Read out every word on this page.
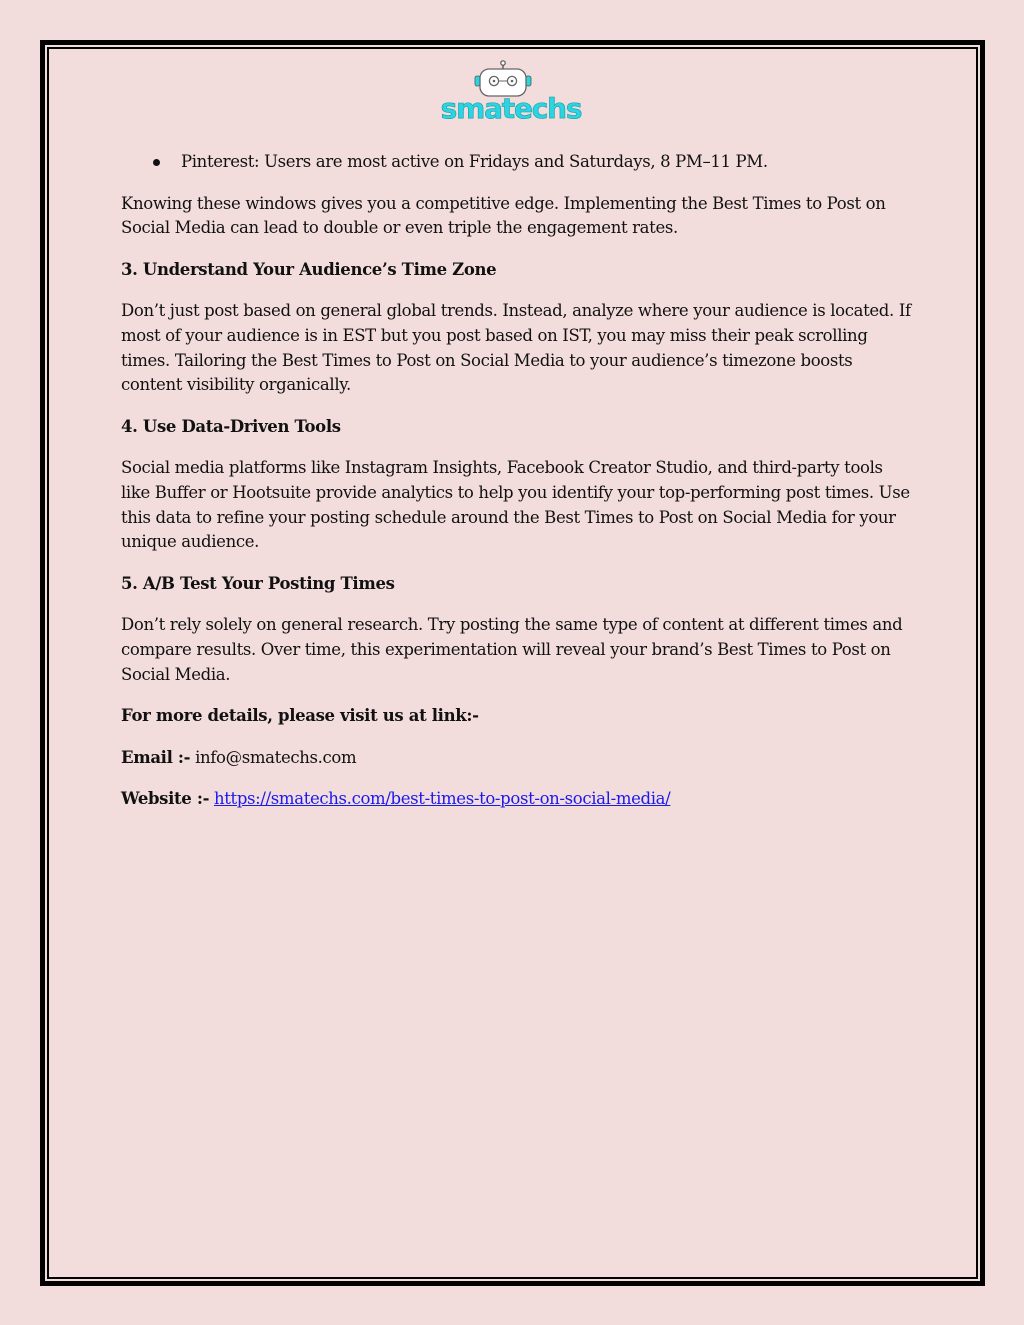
smatechs
Pinterest: Users are most active on Fridays and Saturdays, 8 PM–11 PM.

Knowing these windows gives you a competitive edge. Implementing the Best Times to Post on Social Media can lead to double or even triple the engagement rates.

3. Understand Your Audience’s Time Zone

Don’t just post based on general global trends. Instead, analyze where your audience is located. If most of your audience is in EST but you post based on IST, you may miss their peak scrolling times. Tailoring the Best Times to Post on Social Media to your audience’s timezone boosts content visibility organically.

4. Use Data-Driven Tools

Social media platforms like Instagram Insights, Facebook Creator Studio, and third-party tools like Buffer or Hootsuite provide analytics to help you identify your top-performing post times. Use this data to refine your posting schedule around the Best Times to Post on Social Media for your unique audience.

5. A/B Test Your Posting Times

Don’t rely solely on general research. Try posting the same type of content at different times and compare results. Over time, this experimentation will reveal your brand’s Best Times to Post on Social Media.

For more details, please visit us at link:-

Email :- info@smatechs.com

Website :- https://smatechs.com/best-times-to-post-on-social-media/
